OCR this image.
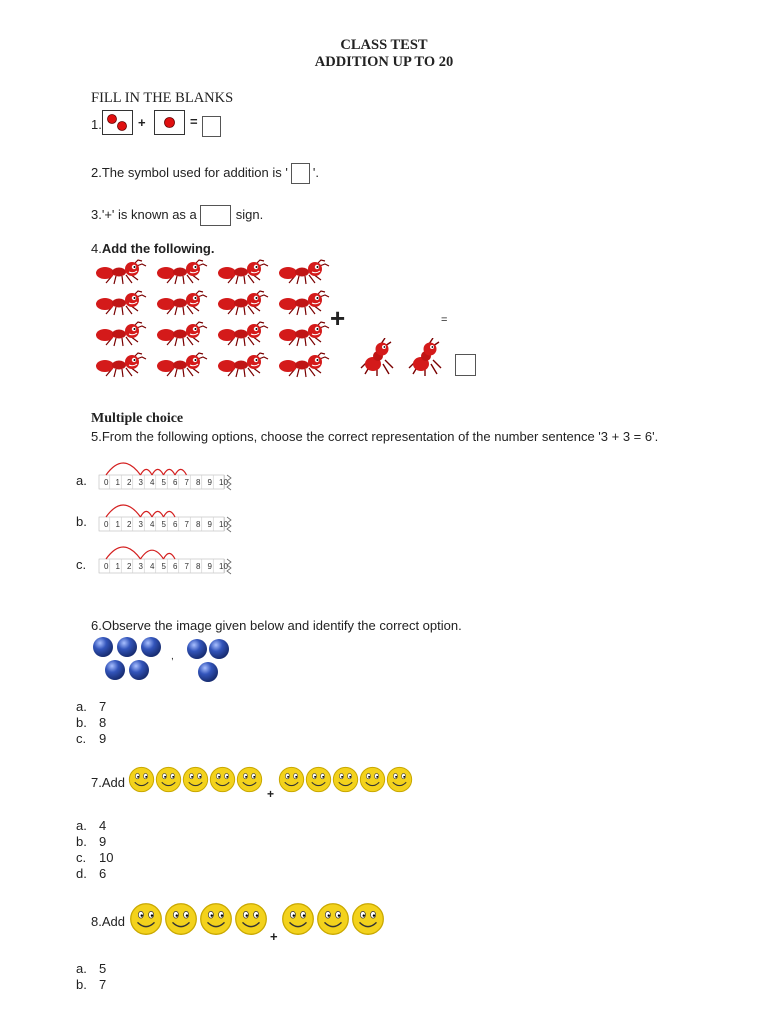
CLASS TEST
ADDITION UP TO 20
FILL IN THE BLANKS
1.	+	=
2.The symbol used for addition is ' '.
3.'+' is known as a	sign.
4.Add the following.
+	=
Multiple choice
5.From the following options, choose the correct representation of the number sentence '3 + 3 = 6'.
a. 0 1 2 3 4 5 6 7 8 9 10
b. 0 1 2 3 4 5 6 7 8 9 10
c. 0 1 2 3 4 5 6 7 8 9 10
6.Observe the image given below and identify the correct option.
,
a. 7
b. 8
c. 9
7.Add
+
a. 4
b. 9
c. 10
d. 6
8.Add
+
a. 5
b. 7
